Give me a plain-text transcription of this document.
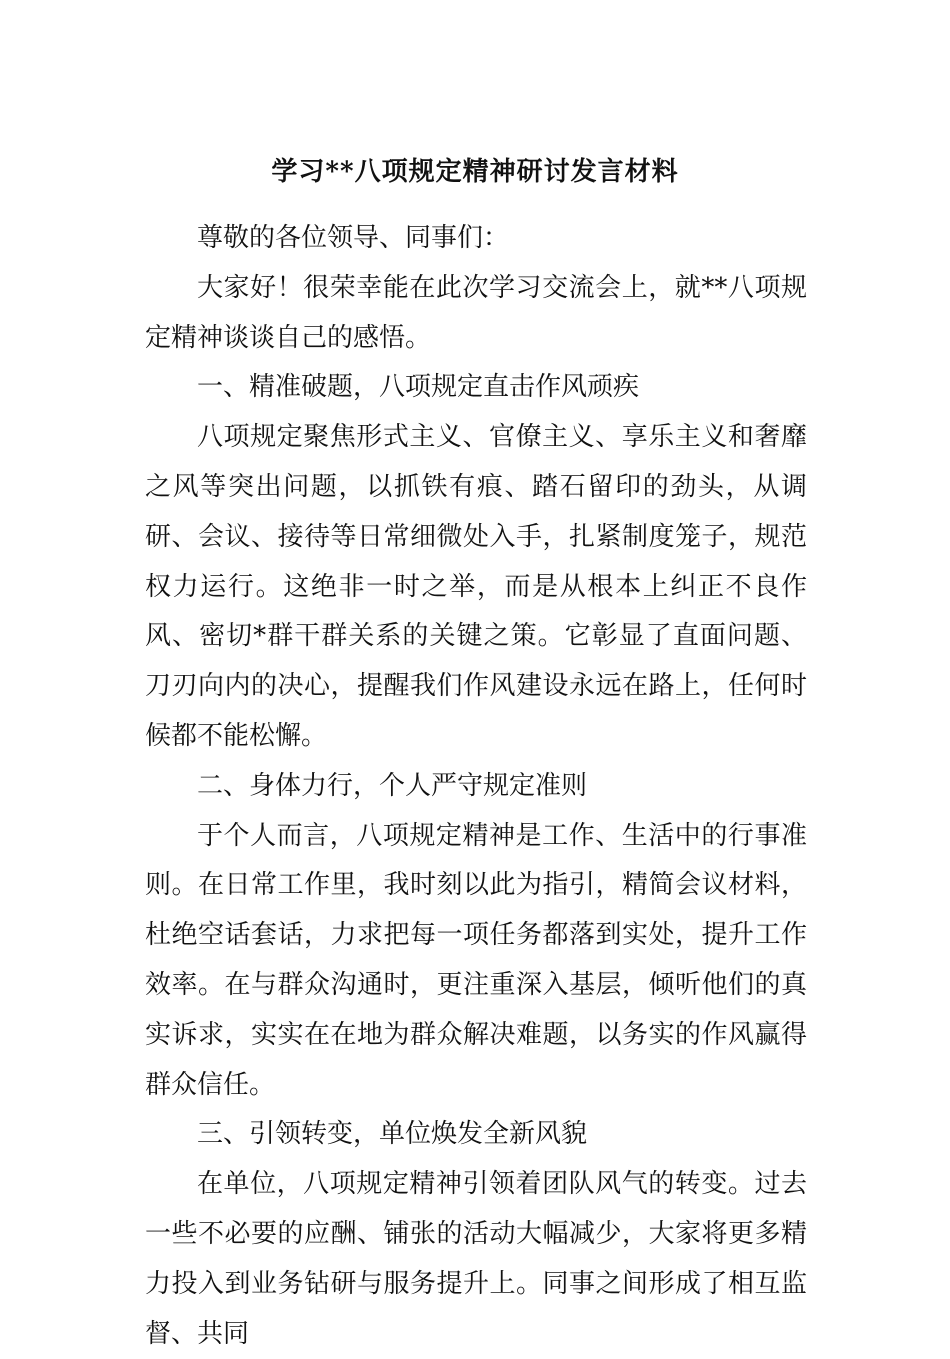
学习**八项规定精神研讨发言材料

尊敬的各位领导、同事们：

大家好！很荣幸能在此次学习交流会上，就**八项规定精神谈谈自己的感悟。

一、精准破题，八项规定直击作风顽疾

八项规定聚焦形式主义、官僚主义、享乐主义和奢靡之风等突出问题，以抓铁有痕、踏石留印的劲头，从调研、会议、接待等日常细微处入手，扎紧制度笼子，规范权力运行。这绝非一时之举，而是从根本上纠正不良作风、密切*群干群关系的关键之策。它彰显了直面问题、刀刃向内的决心，提醒我们作风建设永远在路上，任何时候都不能松懈。

二、身体力行，个人严守规定准则

于个人而言，八项规定精神是工作、生活中的行事准则。在日常工作里，我时刻以此为指引，精简会议材料，杜绝空话套话，力求把每一项任务都落到实处，提升工作效率。在与群众沟通时，更注重深入基层，倾听他们的真实诉求，实实在在地为群众解决难题，以务实的作风赢得群众信任。

三、引领转变，单位焕发全新风貌

在单位，八项规定精神引领着团队风气的转变。过去一些不必要的应酬、铺张的活动大幅减少，大家将更多精力投入到业务钻研与服务提升上。同事之间形成了相互监督、共同
